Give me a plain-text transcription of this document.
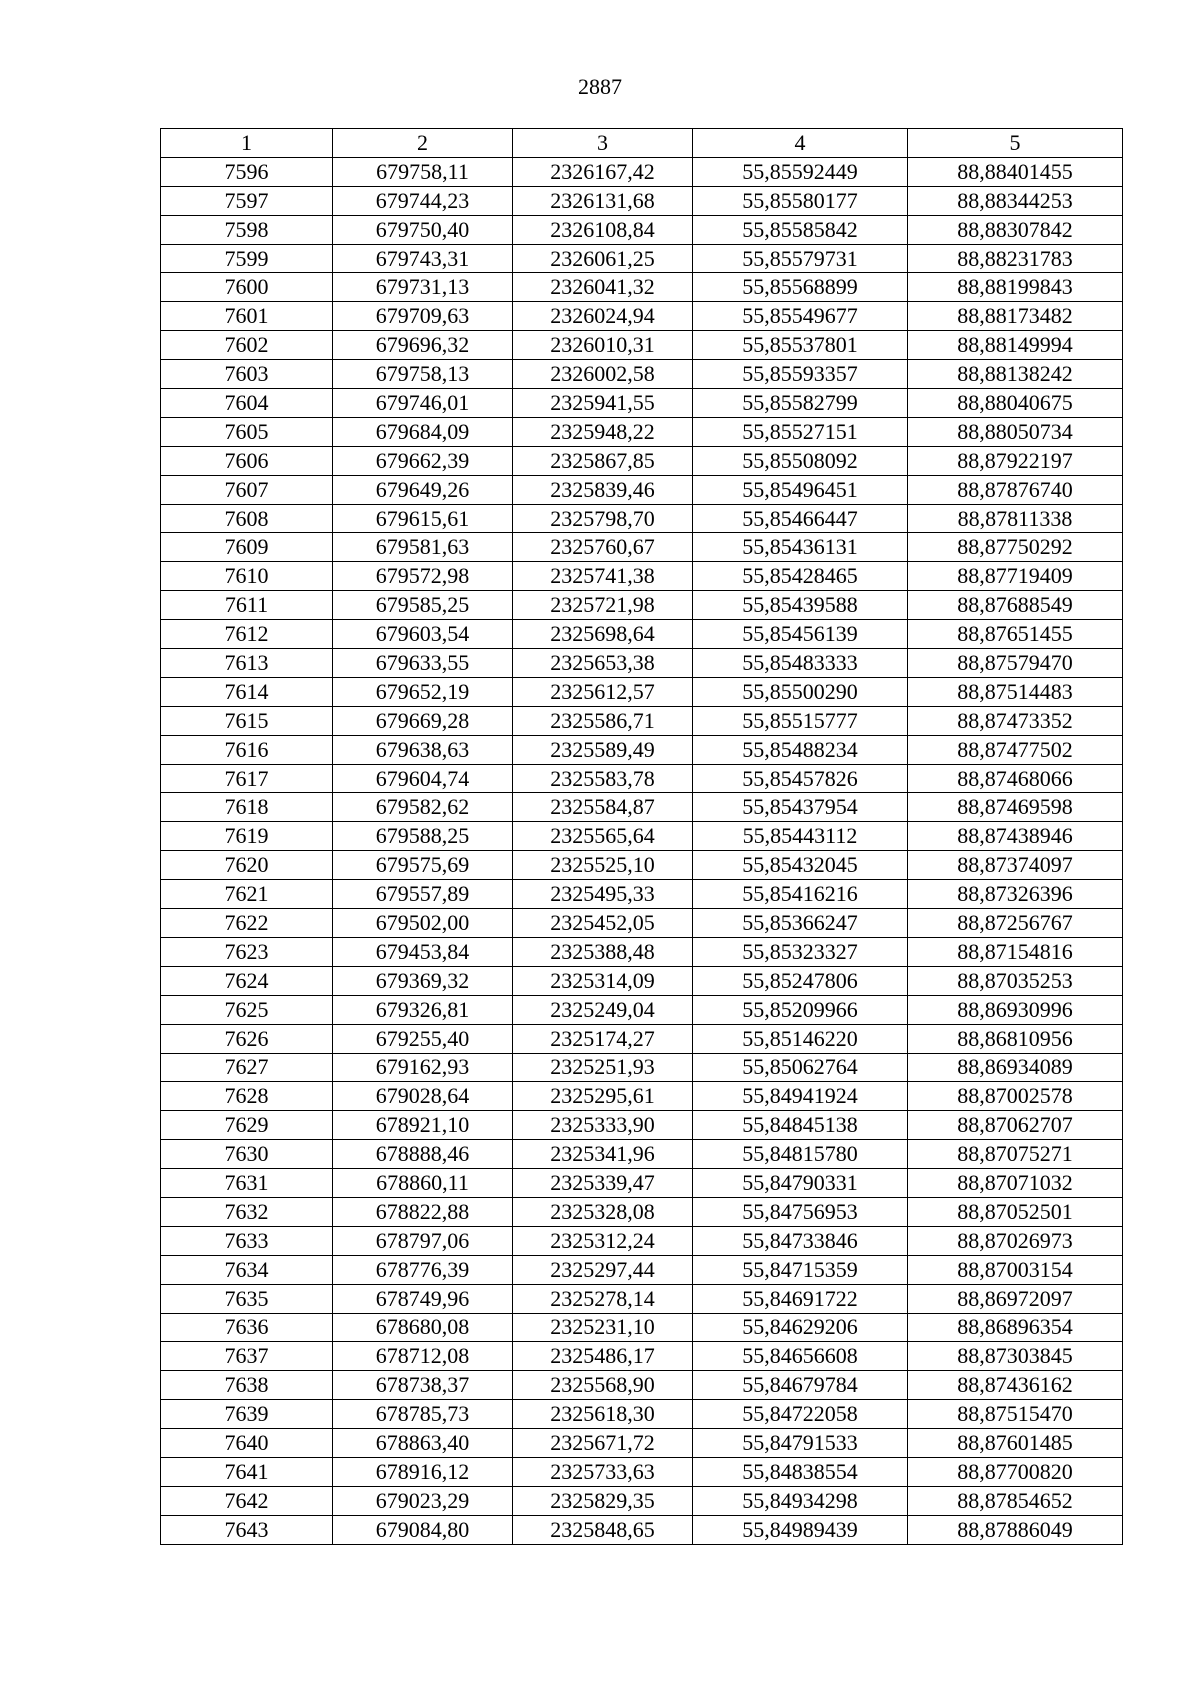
2887
1	2	3	4	5
7596	679758,11	2326167,42	55,85592449	88,88401455
7597	679744,23	2326131,68	55,85580177	88,88344253
7598	679750,40	2326108,84	55,85585842	88,88307842
7599	679743,31	2326061,25	55,85579731	88,88231783
7600	679731,13	2326041,32	55,85568899	88,88199843
7601	679709,63	2326024,94	55,85549677	88,88173482
7602	679696,32	2326010,31	55,85537801	88,88149994
7603	679758,13	2326002,58	55,85593357	88,88138242
7604	679746,01	2325941,55	55,85582799	88,88040675
7605	679684,09	2325948,22	55,85527151	88,88050734
7606	679662,39	2325867,85	55,85508092	88,87922197
7607	679649,26	2325839,46	55,85496451	88,87876740
7608	679615,61	2325798,70	55,85466447	88,87811338
7609	679581,63	2325760,67	55,85436131	88,87750292
7610	679572,98	2325741,38	55,85428465	88,87719409
7611	679585,25	2325721,98	55,85439588	88,87688549
7612	679603,54	2325698,64	55,85456139	88,87651455
7613	679633,55	2325653,38	55,85483333	88,87579470
7614	679652,19	2325612,57	55,85500290	88,87514483
7615	679669,28	2325586,71	55,85515777	88,87473352
7616	679638,63	2325589,49	55,85488234	88,87477502
7617	679604,74	2325583,78	55,85457826	88,87468066
7618	679582,62	2325584,87	55,85437954	88,87469598
7619	679588,25	2325565,64	55,85443112	88,87438946
7620	679575,69	2325525,10	55,85432045	88,87374097
7621	679557,89	2325495,33	55,85416216	88,87326396
7622	679502,00	2325452,05	55,85366247	88,87256767
7623	679453,84	2325388,48	55,85323327	88,87154816
7624	679369,32	2325314,09	55,85247806	88,87035253
7625	679326,81	2325249,04	55,85209966	88,86930996
7626	679255,40	2325174,27	55,85146220	88,86810956
7627	679162,93	2325251,93	55,85062764	88,86934089
7628	679028,64	2325295,61	55,84941924	88,87002578
7629	678921,10	2325333,90	55,84845138	88,87062707
7630	678888,46	2325341,96	55,84815780	88,87075271
7631	678860,11	2325339,47	55,84790331	88,87071032
7632	678822,88	2325328,08	55,84756953	88,87052501
7633	678797,06	2325312,24	55,84733846	88,87026973
7634	678776,39	2325297,44	55,84715359	88,87003154
7635	678749,96	2325278,14	55,84691722	88,86972097
7636	678680,08	2325231,10	55,84629206	88,86896354
7637	678712,08	2325486,17	55,84656608	88,87303845
7638	678738,37	2325568,90	55,84679784	88,87436162
7639	678785,73	2325618,30	55,84722058	88,87515470
7640	678863,40	2325671,72	55,84791533	88,87601485
7641	678916,12	2325733,63	55,84838554	88,87700820
7642	679023,29	2325829,35	55,84934298	88,87854652
7643	679084,80	2325848,65	55,84989439	88,87886049
